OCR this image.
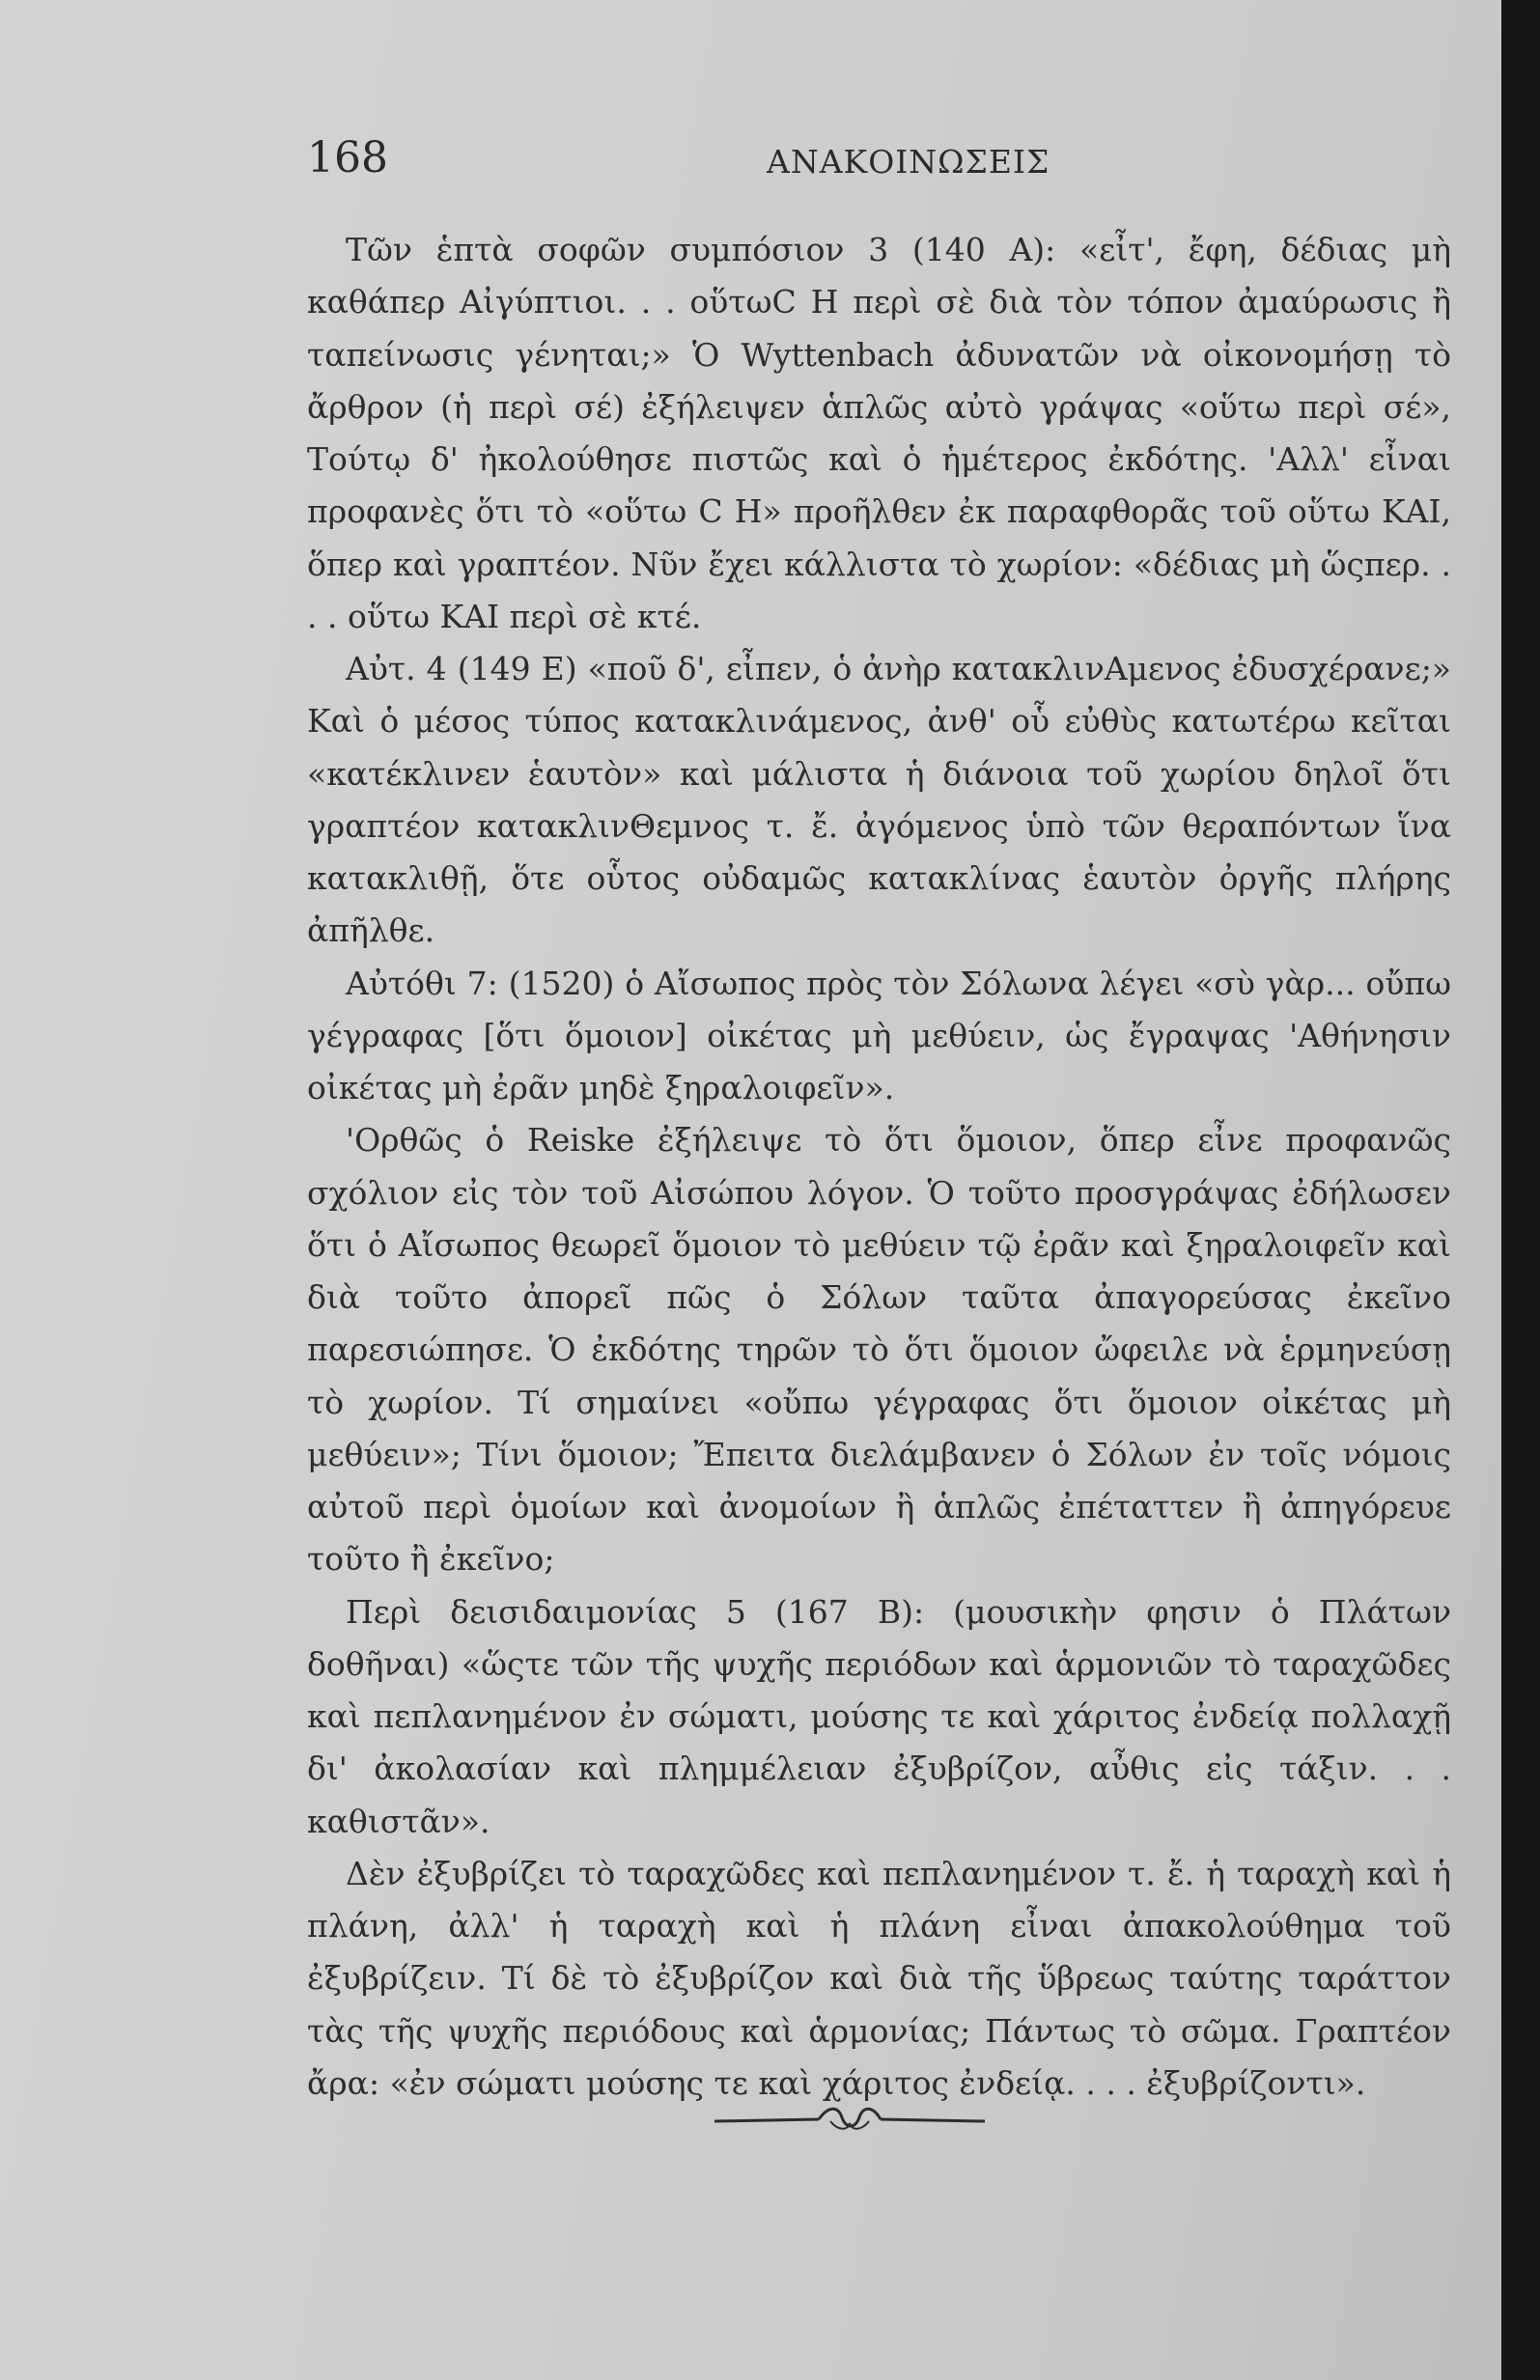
168	ΑΝΑΚΟΙΝΩΣΕΙΣ

Τῶν ἑπτὰ σοφῶν συμπόσιον 3 (140 Α): «εἶτ', ἔφη, δέδιας μὴ καθάπερ Αἰγύπτιοι. . . οὕτωC Η περὶ σὲ διὰ τὸν τόπον ἀμαύρωσις ἢ ταπείνωσις γένηται;» Ὁ Wyttenbach ἀδυνατῶν νὰ οἰκονομήσῃ τὸ ἄρθρον (ἡ περὶ σέ) ἐξήλειψεν ἁπλῶς αὐτὸ γράψας «οὕτω περὶ σέ», Τούτῳ δ' ἠκολούθησε πιστῶς καὶ ὁ ἡμέτερος ἐκδότης. 'Αλλ' εἶναι προφανὲς ὅτι τὸ «οὕτω C Η» προῆλθεν ἐκ παραφθορᾶς τοῦ οὕτω ΚΑΙ, ὅπερ καὶ γραπτέον. Νῦν ἔχει κάλλιστα τὸ χωρίον: «δέδιας μὴ ὥςπερ. . . . οὕτω ΚΑΙ περὶ σὲ κτέ.

Αὐτ. 4 (149 Ε) «ποῦ δ', εἶπεν, ὁ ἀνὴρ κατακλινΑμενος ἐδυσχέρανε;» Καὶ ὁ μέσος τύπος κατακλινάμενος, ἀνθ' οὗ εὐθὺς κατωτέρω κεῖται «κατέκλινεν ἑαυτὸν» καὶ μάλιστα ἡ διάνοια τοῦ χωρίου δηλοῖ ὅτι γραπτέον κατακλινΘεμνος τ. ἔ. ἀγόμενος ὑπὸ τῶν θεραπόντων ἵνα κατακλιθῇ, ὅτε οὗτος οὐδαμῶς κατακλίνας ἑαυτὸν ὀργῆς πλήρης ἀπῆλθε.

Αὐτόθι 7: (1520) ὁ Αἴσωπος πρὸς τὸν Σόλωνα λέγει «σὺ γὰρ... οὔπω γέγραφας [ὅτι ὅμοιον] οἰκέτας μὴ μεθύειν, ὡς ἔγραψας 'Αθήνησιν οἰκέτας μὴ ἐρᾶν μηδὲ ξηραλοιφεῖν».

'Ορθῶς ὁ Reiske ἐξήλειψε τὸ ὅτι ὅμοιον, ὅπερ εἶνε προφανῶς σχόλιον εἰς τὸν τοῦ Αἰσώπου λόγον. Ὁ τοῦτο προσγράψας ἐδήλωσεν ὅτι ὁ Αἴσωπος θεωρεῖ ὅμοιον τὸ μεθύειν τῷ ἐρᾶν καὶ ξηραλοιφεῖν καὶ διὰ τοῦτο ἀπορεῖ πῶς ὁ Σόλων ταῦτα ἀπαγορεύσας ἐκεῖνο παρεσιώπησε. Ὁ ἐκδότης τηρῶν τὸ ὅτι ὅμοιον ὤφειλε νὰ ἑρμηνεύσῃ τὸ χωρίον. Τί σημαίνει «οὔπω γέγραφας ὅτι ὅμοιον οἰκέτας μὴ μεθύειν»; Τίνι ὅμοιον; Ἔπειτα διελάμβανεν ὁ Σόλων ἐν τοῖς νόμοις αὐτοῦ περὶ ὁμοίων καὶ ἀνομοίων ἢ ἁπλῶς ἐπέταττεν ἢ ἀπηγόρευε τοῦτο ἢ ἐκεῖνο;

Περὶ δεισιδαιμονίας 5 (167 Β): (μουσικὴν φησιν ὁ Πλάτων δοθῆναι) «ὥςτε τῶν τῆς ψυχῆς περιόδων καὶ ἁρμονιῶν τὸ ταραχῶδες καὶ πεπλανημένον ἐν σώματι, μούσης τε καὶ χάριτος ἐνδείᾳ πολλαχῇ δι' ἀκολασίαν καὶ πλημμέλειαν ἐξυβρίζον, αὖθις εἰς τάξιν. . . καθιστᾶν».

Δὲν ἐξυβρίζει τὸ ταραχῶδες καὶ πεπλανημένον τ. ἔ. ἡ ταραχὴ καὶ ἡ πλάνη, ἀλλ' ἡ ταραχὴ καὶ ἡ πλάνη εἶναι ἀπακολούθημα τοῦ ἐξυβρίζειν. Τί δὲ τὸ ἐξυβρίζον καὶ διὰ τῆς ὕβρεως ταύτης ταράττον τὰς τῆς ψυχῆς περιόδους καὶ ἁρμονίας; Πάντως τὸ σῶμα. Γραπτέον ἄρα: «ἐν σώματι μούσης τε καὶ χάριτος ἐνδείᾳ. . . . ἐξυβρίζοντι».
